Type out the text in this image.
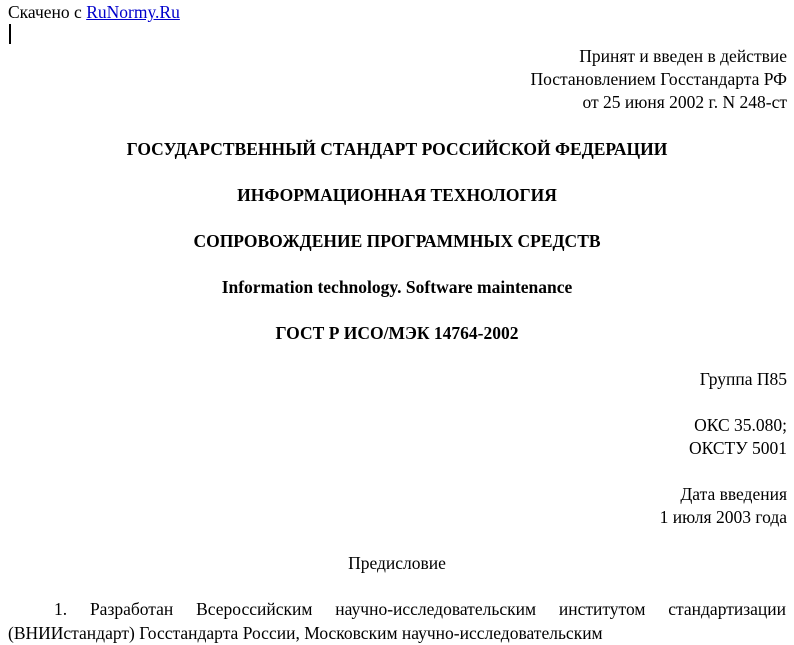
Скачено с RuNormy.Ru
Принят и введен в действие
Постановлением Госстандарта РФ
от 25 июня 2002 г. N 248-ст
ГОСУДАРСТВЕННЫЙ СТАНДАРТ РОССИЙСКОЙ ФЕДЕРАЦИИ
ИНФОРМАЦИОННАЯ ТЕХНОЛОГИЯ
СОПРОВОЖДЕНИЕ ПРОГРАММНЫХ СРЕДСТВ
Information technology. Software maintenance
ГОСТ Р ИСО/МЭК 14764-2002
Группа П85
ОКС 35.080;
ОКСТУ 5001
Дата введения
1 июля 2003 года
Предисловие
1. Разработан Всероссийским научно-исследовательским институтом стандартизации (ВНИИстандарт) Госстандарта России, Московским научно-исследовательским
